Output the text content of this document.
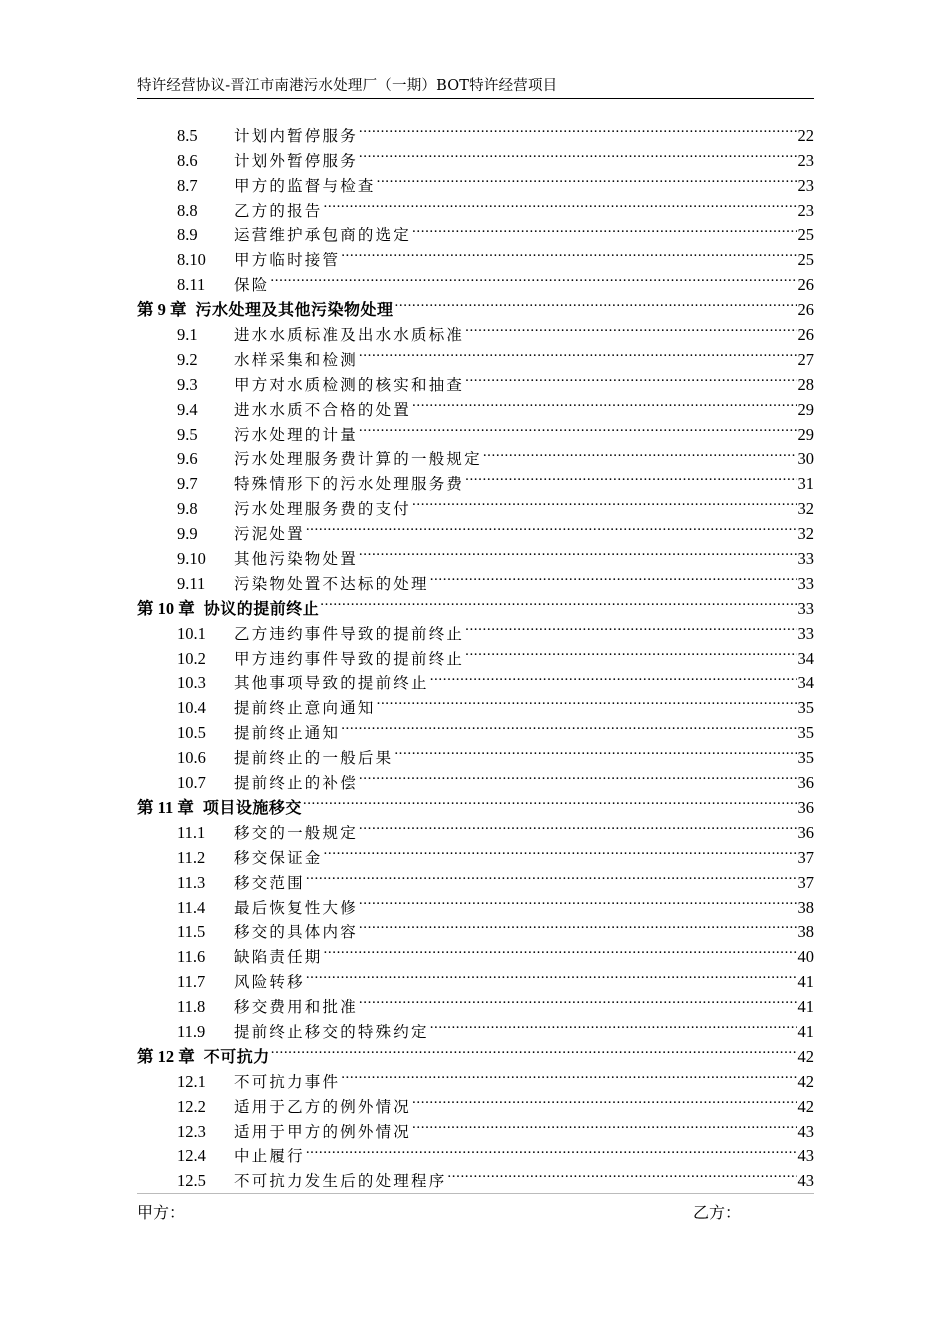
特许经营协议-晋江市南港污水处理厂（一期）BOT特许经营项目
8.5	计划内暂停服务 .....	22
8.6	计划外暂停服务 .....	23
8.7	甲方的监督与检查 .....	23
8.8	乙方的报告 .....	23
8.9	运营维护承包商的选定 .....	25
8.10	甲方临时接管 .....	25
8.11	保险 .....	26
第 9 章 污水处理及其他污染物处理 .....	26
9.1	进水水质标准及出水水质标准 .....	26
9.2	水样采集和检测 .....	27
9.3	甲方对水质检测的核实和抽查 .....	28
9.4	进水水质不合格的处置 .....	29
9.5	污水处理的计量 .....	29
9.6	污水处理服务费计算的一般规定 .....	30
9.7	特殊情形下的污水处理服务费 .....	31
9.8	污水处理服务费的支付 .....	32
9.9	污泥处置 .....	32
9.10	其他污染物处置 .....	33
9.11	污染物处置不达标的处理 .....	33
第 10 章 协议的提前终止 .....	33
10.1	乙方违约事件导致的提前终止 .....	33
10.2	甲方违约事件导致的提前终止 .....	34
10.3	其他事项导致的提前终止 .....	34
10.4	提前终止意向通知 .....	35
10.5	提前终止通知 .....	35
10.6	提前终止的一般后果 .....	35
10.7	提前终止的补偿 .....	36
第 11 章 项目设施移交 .....	36
11.1	移交的一般规定 .....	36
11.2	移交保证金 .....	37
11.3	移交范围 .....	37
11.4	最后恢复性大修 .....	38
11.5	移交的具体内容 .....	38
11.6	缺陷责任期 .....	40
11.7	风险转移 .....	41
11.8	移交费用和批准 .....	41
11.9	提前终止移交的特殊约定 .....	41
第 12 章 不可抗力 .....	42
12.1	不可抗力事件 .....	42
12.2	适用于乙方的例外情况 .....	42
12.3	适用于甲方的例外情况 .....	43
12.4	中止履行 .....	43
12.5	不可抗力发生后的处理程序 .....	43
甲方：	乙方：
